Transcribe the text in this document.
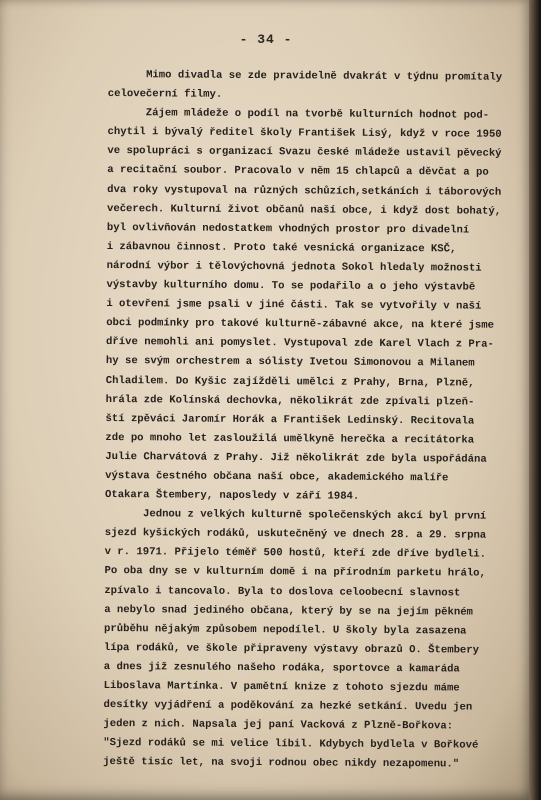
- 34 -
Mimo divadla se zde pravidelně dvakrát v týdnu promítaly
celovečerní filmy.
Zájem mládeže o podíl na tvorbě kulturních hodnot pod-
chytil i bývalý ředitel školy František Lisý, když v roce 1950
ve spolupráci s organizací Svazu české mládeže ustavil pěvecký
a recitační soubor. Pracovalo v něm 15 chlapců a děvčat a po
dva roky vystupoval na různých schůzích,setkáních i táborových
večerech. Kulturní život občanů naší obce, i když dost bohatý,
byl ovlivňován nedostatkem vhodných prostor pro divadelní
i zábavnou činnost. Proto také vesnická organizace KSČ,
národní výbor i tělovýchovná jednota Sokol hledaly možnosti
výstavby kulturního domu. To se podařilo a o jeho výstavbě
i otevření jsme psali v jiné části. Tak se vytvořily v naší
obci podmínky pro takové kulturně-zábavné akce, na které jsme
dříve nemohli ani pomyslet. Vystupoval zde Karel Vlach z Pra-
hy se svým orchestrem a sólisty Ivetou Simonovou a Milanem
Chladilem. Do Kyšic zajížděli umělci z Prahy, Brna, Plzně,
hrála zde Kolínská dechovka, několikrát zde zpívali plzeň-
ští zpěváci Jaromír Horák a František Ledinský. Recitovala
zde po mnoho let zasloužilá umělkyně herečka a recitátorka
Julie Charvátová z Prahy. Již několikrát zde byla uspořádána
výstava čestného občana naší obce, akademického malíře
Otakara Štembery, naposledy v září 1984.
Jednou z velkých kulturně společenských akcí byl první
sjezd kyšických rodáků, uskutečněný ve dnech 28. a 29. srpna
v r. 1971. Přijelo téměř 500 hostů, kteří zde dříve bydleli.
Po oba dny se v kulturním domě i na přírodním parketu hrálo,
zpívalo i tancovalo. Byla to doslova celoobecní slavnost
a nebylo snad jediného občana, který by se na jejím pěkném
průběhu nějakým způsobem nepodílel. U školy byla zasazena
lípa rodáků, ve škole připraveny výstavy obrazů O. Štembery
a dnes již zesnulého našeho rodáka, sportovce a kamaráda
Liboslava Martínka. V pamětní knize z tohoto sjezdu máme
desítky vyjádření a poděkování za hezké setkání. Uvedu jen
jeden z nich. Napsala jej paní Vacková z Plzně-Bořkova:
"Sjezd rodáků se mi velice líbil. Kdybych bydlela v Bořkové
ještě tisíc let, na svoji rodnou obec nikdy nezapomenu."
